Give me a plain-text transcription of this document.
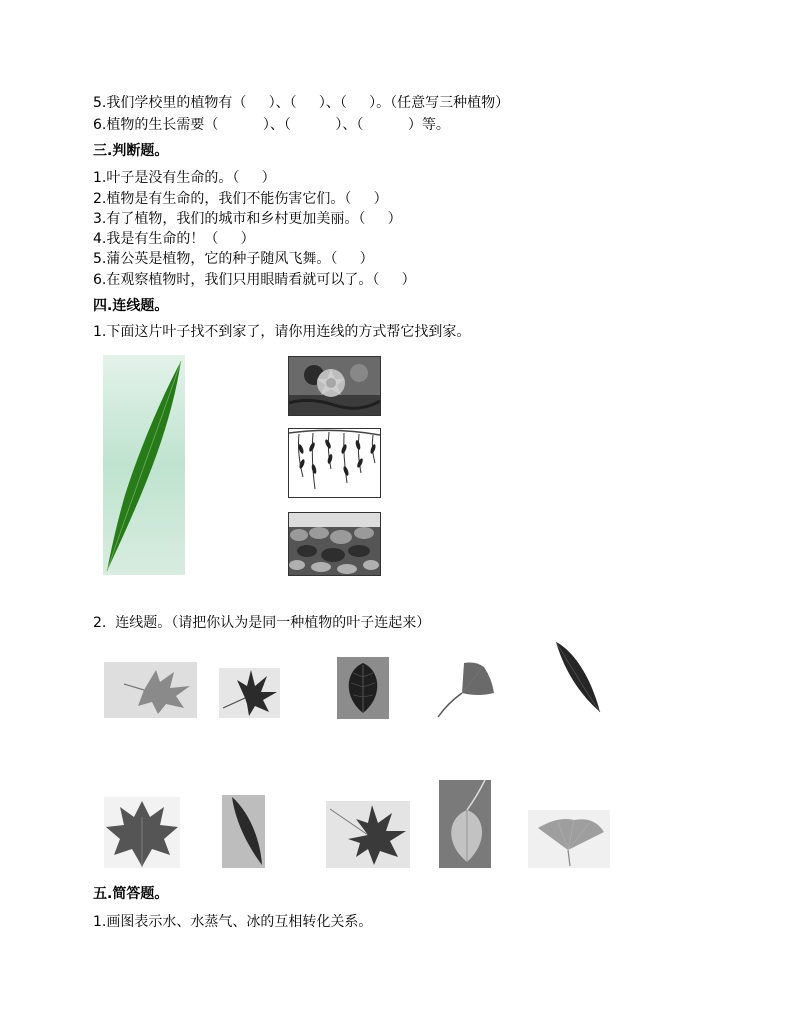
5.我们学校里的植物有（     ）、（     ）、（     ）。（任意写三种植物）
6.植物的生长需要（          ）、（          ）、（          ）等。
三.判断题。
1.叶子是没有生命的。（     ）
2.植物是有生命的，我们不能伤害它们。（     ）
3.有了植物，我们的城市和乡村更加美丽。（     ）
4.我是有生命的！（     ）
5.蒲公英是植物，它的种子随风飞舞。（     ）
6.在观察植物时，我们只用眼睛看就可以了。（     ）
四.连线题。
1.下面这片叶子找不到家了，请你用连线的方式帮它找到家。
2.  连线题。（请把你认为是同一种植物的叶子连起来）
五.简答题。
1.画图表示水、水蒸气、冰的互相转化关系。
